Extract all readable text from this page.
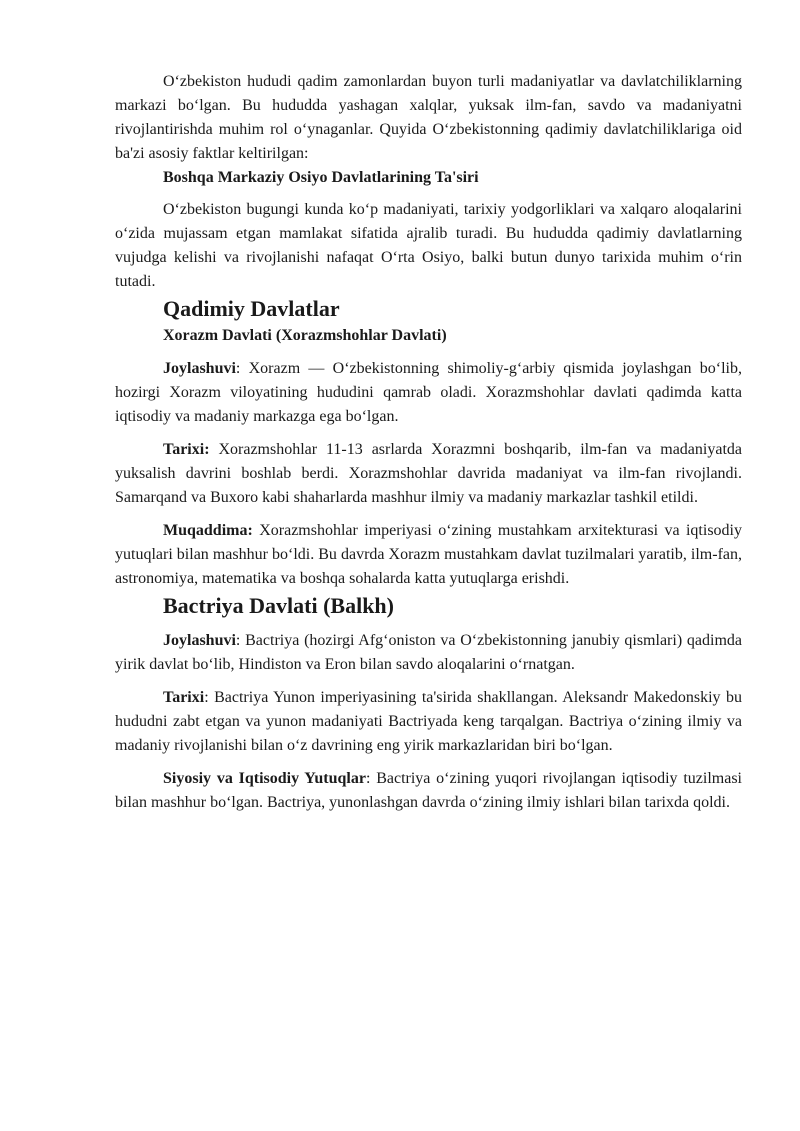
O‘zbekiston hududi qadim zamonlardan buyon turli madaniyatlar va davlatchiliklarning markazi bo‘lgan. Bu hududda yashagan xalqlar, yuksak ilm-fan, savdo va madaniyatni rivojlantirishda muhim rol o‘ynaganlar. Quyida O‘zbekistonning qadimiy davlatchiliklariga oid ba'zi asosiy faktlar keltirilgan:

Boshqa Markaziy Osiyo Davlatlarining Ta'siri

O‘zbekiston bugungi kunda ko‘p madaniyati, tarixiy yodgorliklari va xalqaro aloqalarini o‘zida mujassam etgan mamlakat sifatida ajralib turadi. Bu hududda qadimiy davlatlarning vujudga kelishi va rivojlanishi nafaqat O‘rta Osiyo, balki butun dunyo tarixida muhim o‘rin tutadi.

Qadimiy Davlatlar
Xorazm Davlati (Xorazmshohlar Davlati)

Joylashuvi: Xorazm — O‘zbekistonning shimoliy-g‘arbiy qismida joylashgan bo‘lib, hozirgi Xorazm viloyatining hududini qamrab oladi. Xorazmshohlar davlati qadimda katta iqtisodiy va madaniy markazga ega bo‘lgan.

Tarixi: Xorazmshohlar 11-13 asrlarda Xorazmni boshqarib, ilm-fan va madaniyatda yuksalish davrini boshlab berdi. Xorazmshohlar davrida madaniyat va ilm-fan rivojlandi. Samarqand va Buxoro kabi shaharlarda mashhur ilmiy va madaniy markazlar tashkil etildi.

Muqaddima: Xorazmshohlar imperiyasi o‘zining mustahkam arxitekturasi va iqtisodiy yutuqlari bilan mashhur bo‘ldi. Bu davrda Xorazm mustahkam davlat tuzilmalari yaratib, ilm-fan, astronomiya, matematika va boshqa sohalarda katta yutuqlarga erishdi.

Bactriya Davlati (Balkh)

Joylashuvi: Bactriya (hozirgi Afg‘oniston va O‘zbekistonning janubiy qismlari) qadimda yirik davlat bo‘lib, Hindiston va Eron bilan savdo aloqalarini o‘rnatgan.

Tarixi: Bactriya Yunon imperiyasining ta'sirida shakllangan. Aleksandr Makedonskiy bu hududni zabt etgan va yunon madaniyati Bactriyada keng tarqalgan. Bactriya o‘zining ilmiy va madaniy rivojlanishi bilan o‘z davrining eng yirik markazlaridan biri bo‘lgan.

Siyosiy va Iqtisodiy Yutuqlar: Bactriya o‘zining yuqori rivojlangan iqtisodiy tuzilmasi bilan mashhur bo‘lgan. Bactriya, yunonlashgan davrda o‘zining ilmiy ishlari bilan tarixda qoldi.
